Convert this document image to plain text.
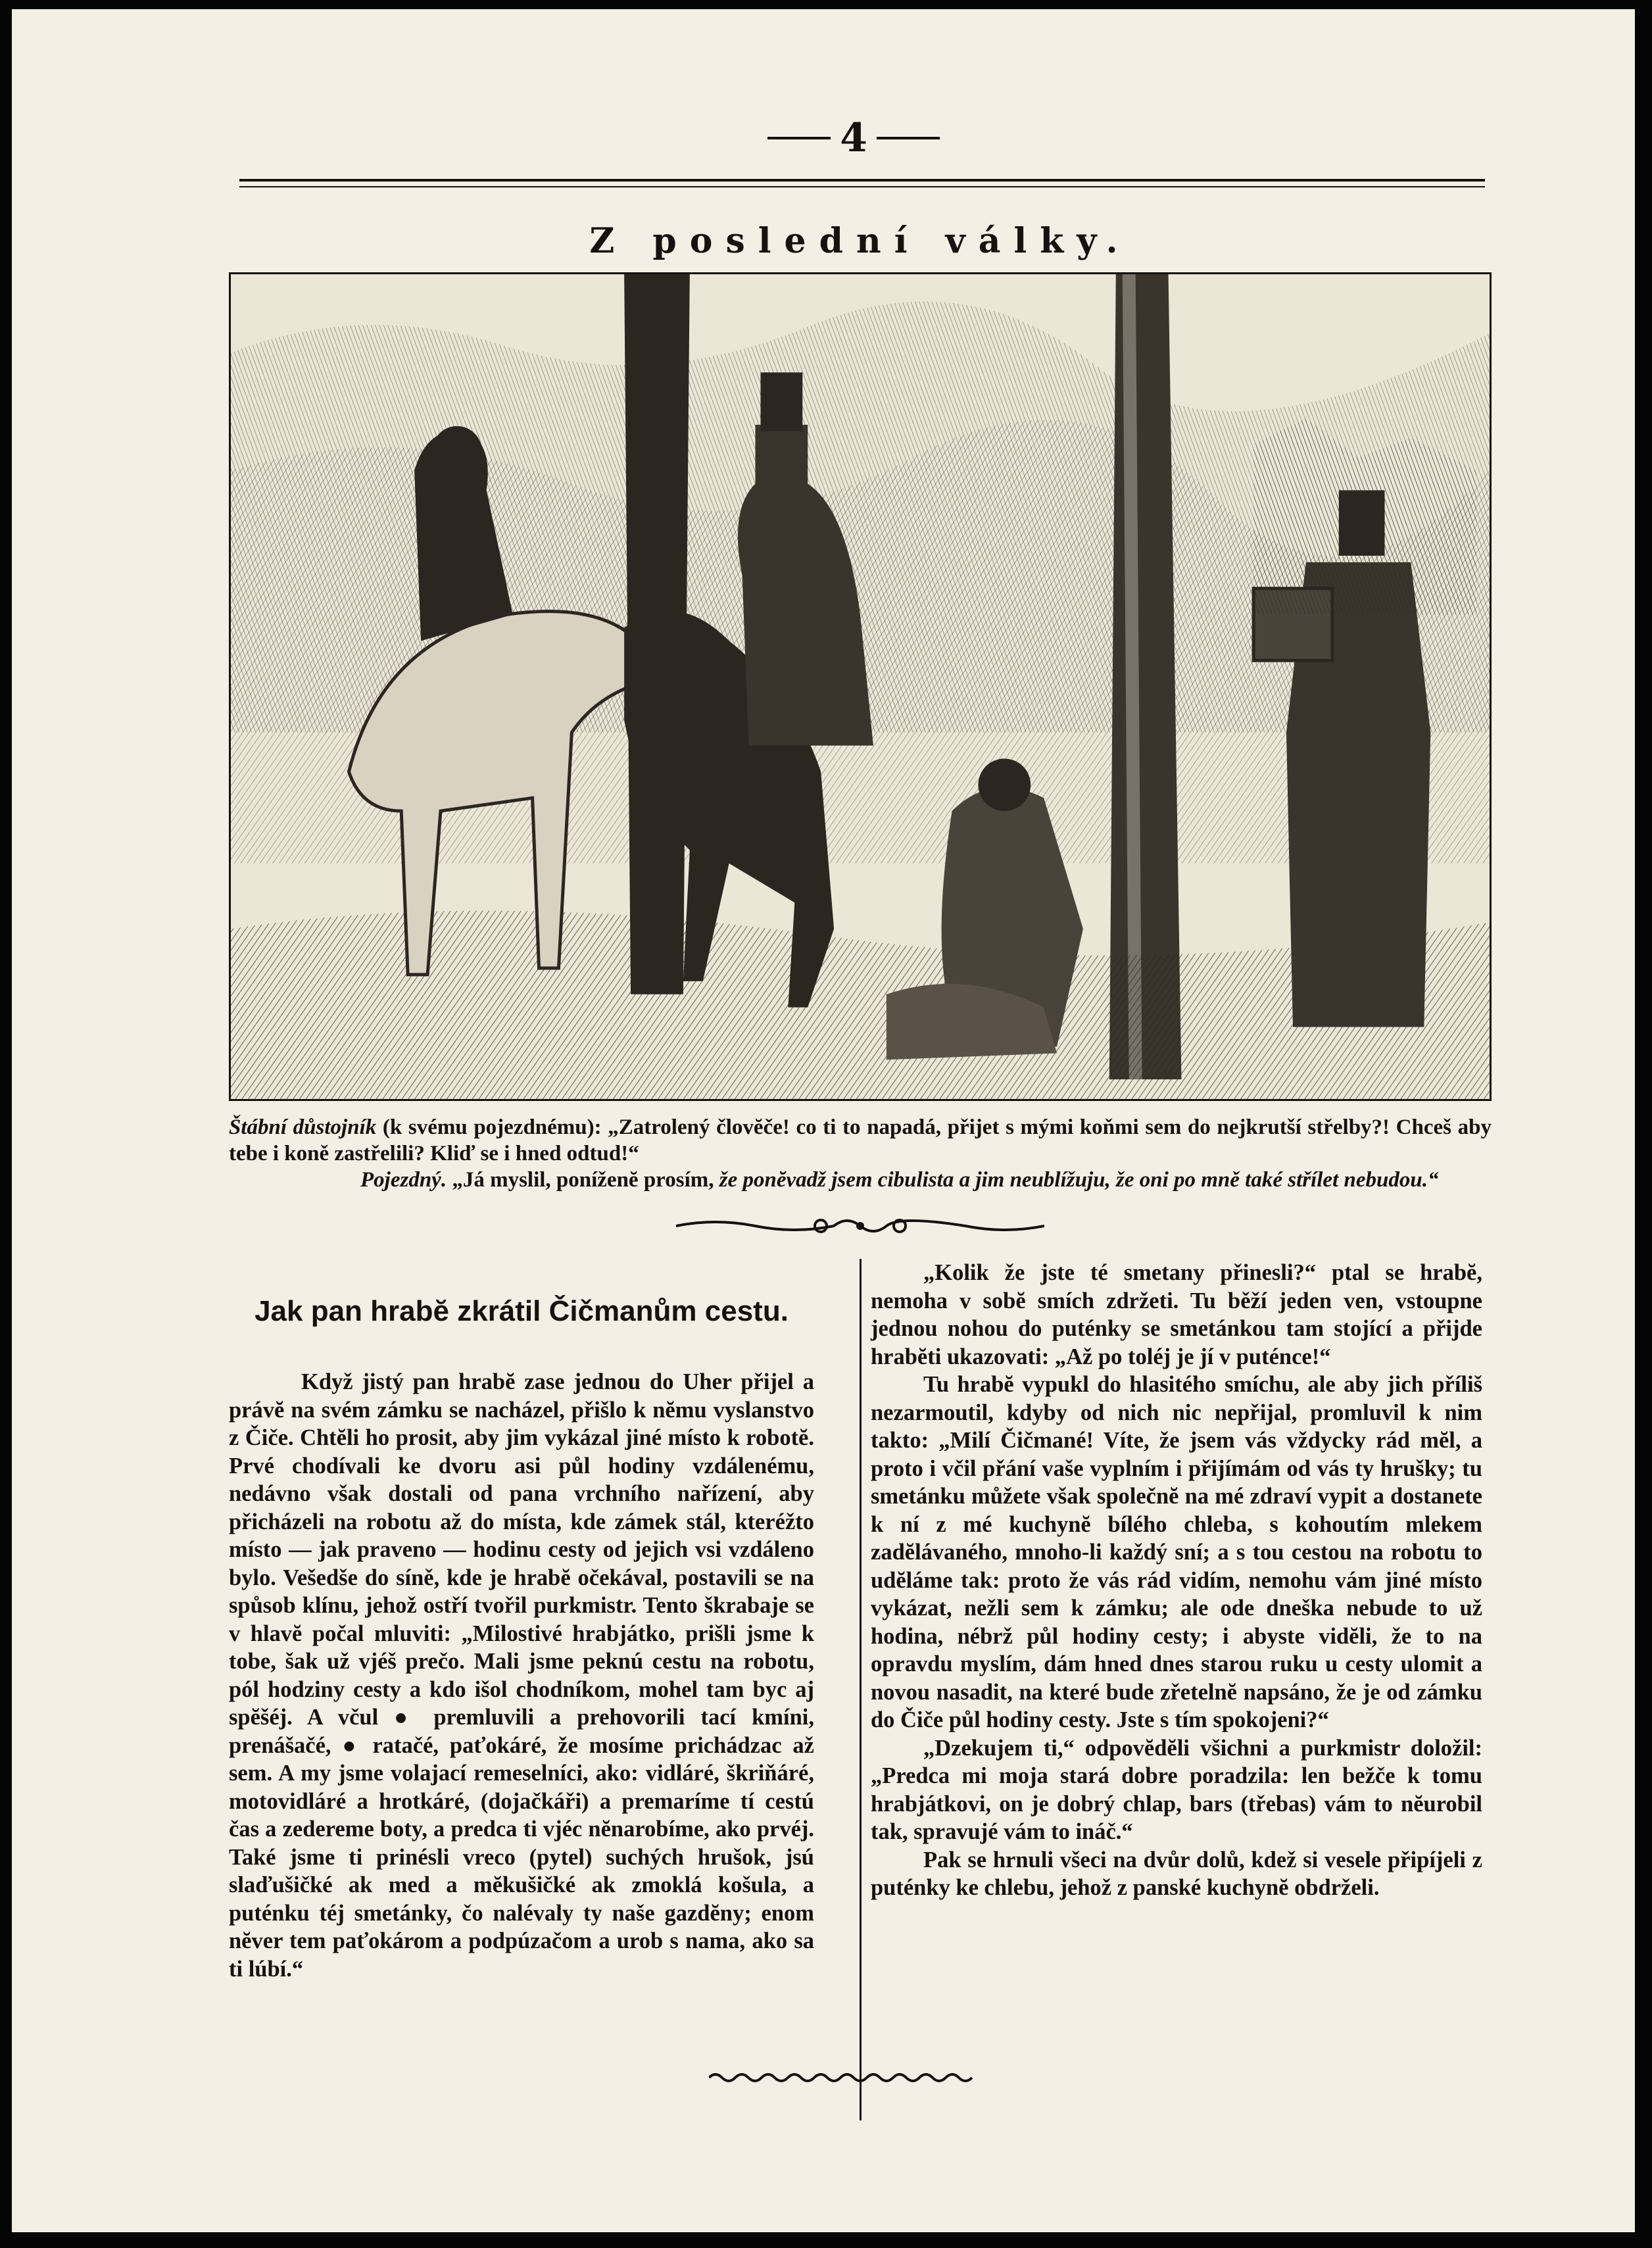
4
Z poslední války.

Štábní důstojník (k svému pojezdnému): „Zatrolený človĕče! co ti to napadá, přijet s mými koňmi sem do nejkrutší střelby?! Chceš aby tebe i koně zastřelili? Kliď se i hned odtud!“

Pojezdný. „Já myslil, poníženĕ prosím, že ponĕvadž jsem cibulista a jim neublížuju, že oni po mně také střílet nebudou.“

Jak pan hrabĕ zkrátil Čičmanům cestu.

Když jistý pan hrabĕ zase jednou do Uher přijel a právĕ na svém zámku se nacházel, přišlo k nĕmu vyslanstvo z Čiče. Chtĕli ho prosit, aby jim vykázal jiné místo k robotĕ. Prvé chodívali ke dvoru asi půl hodiny vzdálenému, nedávno však dostali od pana vrchního nařízení, aby přicházeli na robotu až do místa, kde zámek stál, kteréžto místo — jak praveno — hodinu cesty od jejich vsi vzdáleno bylo. Vešedše do síně, kde je hrabĕ očekával, postavili se na spůsob klínu, jehož ostří tvořil purkmistr. Tento škrabaje se v hlavĕ počal mluviti: „Milostivé hrabjátko, prišli jsme k tobe, šak už vjéš prečo. Mali jsme peknú cestu na robotu, pól hodziny cesty a kdo išol chodníkom, mohel tam byc aj spĕšéj. A včul ● premluvili a prehovorili tací kmíni, prenášačé, ● ratačé, paťokáré, že mosíme prichádzac až sem. A my jsme volajací remeselníci, ako: vidláré, škriňáré, motovidláré a hrotkáré, (dojačkáři) a premaríme tí cestú čas a zedereme boty, a predca ti vjéc nĕnarobíme, ako prvéj. Také jsme ti prinésli vreco (pytel) suchých hrušok, jsú slaďušičké ak med a mĕkušičké ak zmoklá košula, a puténku téj smetánky, čo nalévaly ty naše gazdĕny; enom nĕver tem paťokárom a podpúzačom a urob s nama, ako sa ti lúbí.“

„Kolik že jste té smetany přinesli?“ ptal se hrabĕ, nemoha v sobĕ smích zdržeti. Tu běží jeden ven, vstoupne jednou nohou do puténky se smetánkou tam stojící a přijde hrabĕti ukazovati: „Až po toléj je jí v puténce!“

Tu hrabĕ vypukl do hlasitého smíchu, ale aby jich příliš nezarmoutil, kdyby od nich nic nepřijal, promluvil k nim takto: „Milí Čičmané! Víte, že jsem vás vždycky rád mĕl, a proto i včil přání vaše vyplním i přijímám od vás ty hrušky; tu smetánku můžete však společnĕ na mé zdraví vypit a dostanete k ní z mé kuchynĕ bílého chleba, s kohoutím mlekem zadĕlávaného, mnoho-li každý sní; a s tou cestou na robotu to udĕláme tak: proto že vás rád vidím, nemohu vám jiné místo vykázat, nežli sem k zámku; ale ode dneška nebude to už hodina, nébrž půl hodiny cesty; i abyste vidĕli, že to na opravdu myslím, dám hned dnes starou ruku u cesty ulomit a novou nasadit, na které bude zřetelnĕ napsáno, že je od zámku do Čiče půl hodiny cesty. Jste s tím spokojeni?“

„Dzekujem ti,“ odpovĕdĕli všichni a purkmistr doložil: „Predca mi moja stará dobre poradzila: len bežče k tomu hrabjátkovi, on je dobrý chlap, bars (třebas) vám to nĕurobil tak, spravujé vám to ináč.“

Pak se hrnuli všeci na dvůr dolů, kdež si vesele připíjeli z puténky ke chlebu, jehož z panské kuchynĕ obdrželi.
